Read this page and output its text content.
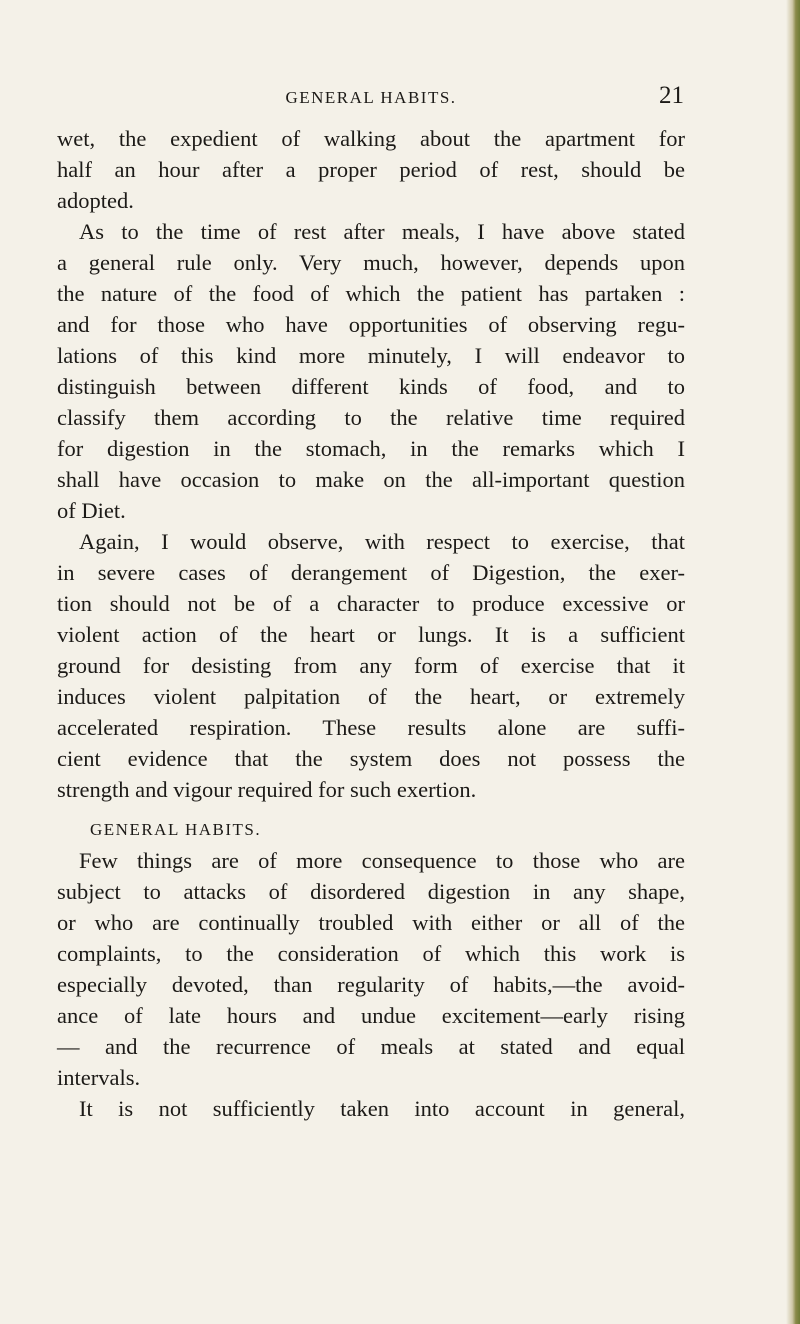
GENERAL HABITS.	21
wet, the expedient of walking about the apartment for
half an hour after a proper period of rest, should be
adopted.
As to the time of rest after meals, I have above stated
a general rule only. Very much, however, depends upon
the nature of the food of which the patient has partaken :
and for those who have opportunities of observing regu-
lations of this kind more minutely, I will endeavor to
distinguish between different kinds of food, and to
classify them according to the relative time required
for digestion in the stomach, in the remarks which I
shall have occasion to make on the all-important question
of Diet.
Again, I would observe, with respect to exercise, that
in severe cases of derangement of Digestion, the exer-
tion should not be of a character to produce excessive or
violent action of the heart or lungs. It is a sufficient
ground for desisting from any form of exercise that it
induces violent palpitation of the heart, or extremely
accelerated respiration. These results alone are suffi-
cient evidence that the system does not possess the
strength and vigour required for such exertion.
GENERAL HABITS.
Few things are of more consequence to those who are
subject to attacks of disordered digestion in any shape,
or who are continually troubled with either or all of the
complaints, to the consideration of which this work is
especially devoted, than regularity of habits,—the avoid-
ance of late hours and undue excitement—early rising
— and the recurrence of meals at stated and equal
intervals.
It is not sufficiently taken into account in general,
